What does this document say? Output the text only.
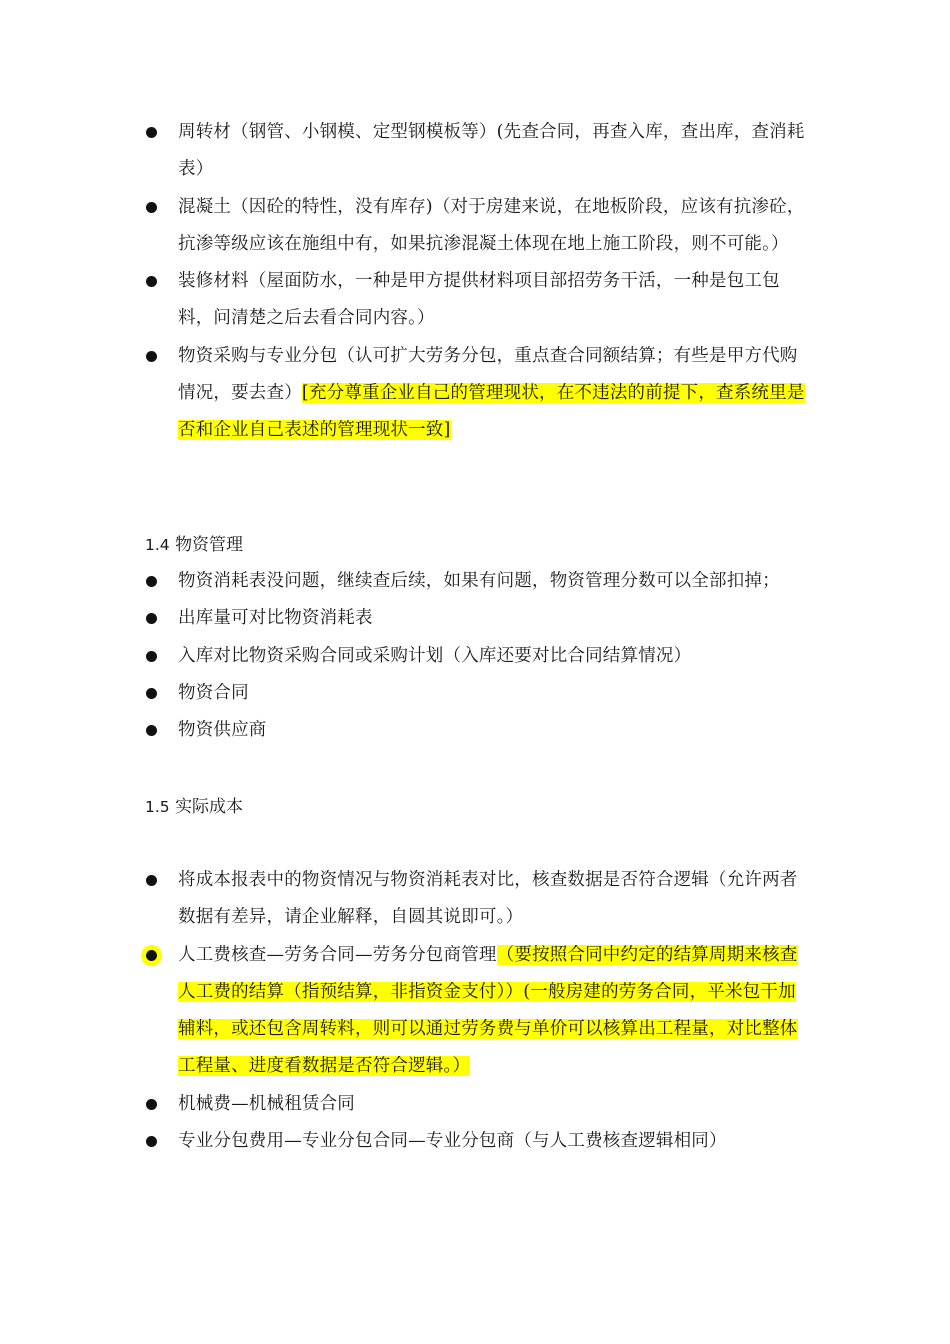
周转材（钢管、小钢模、定型钢模板等）(先查合同，再查入库，查出库，查消耗表）
混凝土（因砼的特性，没有库存)（对于房建来说，在地板阶段，应该有抗渗砼，抗渗等级应该在施组中有，如果抗渗混凝土体现在地上施工阶段，则不可能。）
装修材料（屋面防水，一种是甲方提供材料项目部招劳务干活，一种是包工包料，问清楚之后去看合同内容。）
物资采购与专业分包（认可扩大劳务分包，重点查合同额结算；有些是甲方代购情况，要去查）[充分尊重企业自己的管理现状，在不违法的前提下，查系统里是否和企业自己表述的管理现状一致]
1.4 物资管理
物资消耗表没问题，继续查后续，如果有问题，物资管理分数可以全部扣掉；
出库量可对比物资消耗表
入库对比物资采购合同或采购计划（入库还要对比合同结算情况）
物资合同
物资供应商
1.5 实际成本
将成本报表中的物资情况与物资消耗表对比，核查数据是否符合逻辑（允许两者数据有差异，请企业解释，自圆其说即可。）
人工费核查—劳务合同—劳务分包商管理（要按照合同中约定的结算周期来核查人工费的结算（指预结算，非指资金支付））(一般房建的劳务合同，平米包干加辅料，或还包含周转料，则可以通过劳务费与单价可以核算出工程量，对比整体工程量、进度看数据是否符合逻辑。）
机械费—机械租赁合同
专业分包费用—专业分包合同—专业分包商（与人工费核查逻辑相同）
